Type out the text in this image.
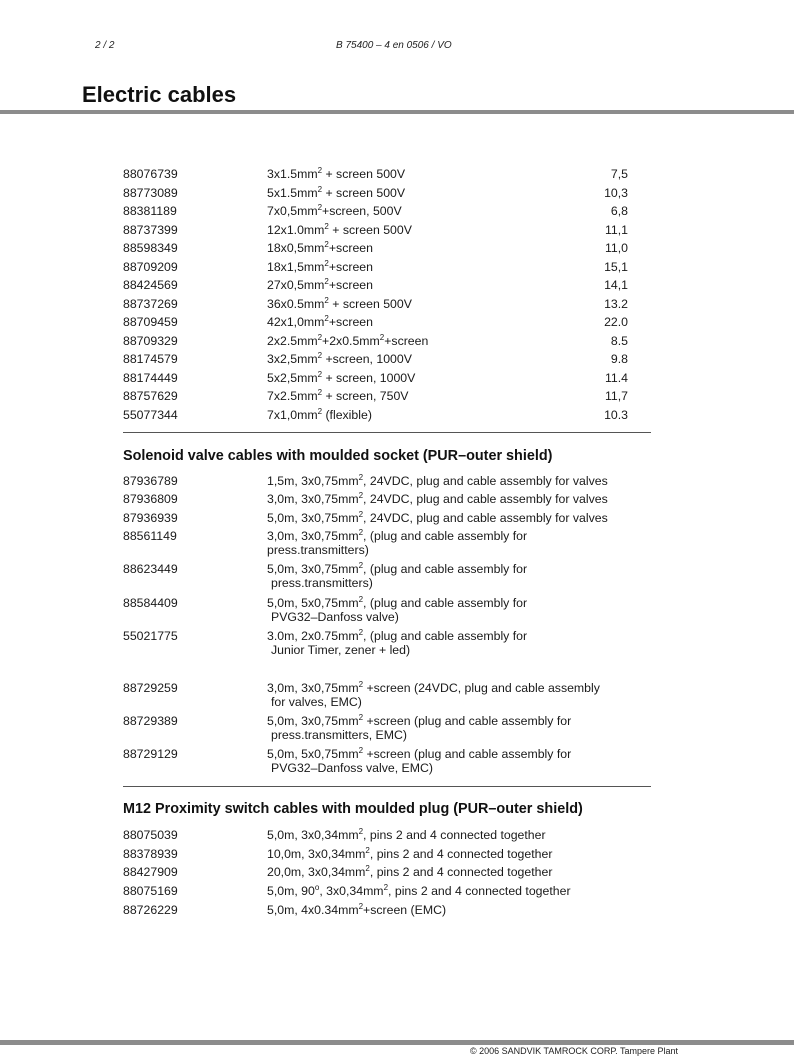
2 / 2	B 75400 – 4 en 0506 / VO
Electric cables
88076739	$3x1.5mm^2$ + screen 500V	7,5
88773089	$5x1.5mm^2$ + screen 500V	10,3
88381189	$7x0,5mm^2+screen$, 500V	6,8
88737399	$12x1.0mm^2$ + screen 500V	11,1
88598349	$18x0,5mm^2+screen$	11,0
88709209	$18x1,5mm^2+screen$	15,1
88424569	$27x0,5mm^2+screen$	14,1
88737269	$36x0.5mm^2$ + screen 500V	13.2
88709459	$42x1,0mm^2+screen$	22.0
88709329	$2x2.5mm^2+2x0.5mm^2+screen$	8.5
88174579	$3x2,5mm^2$ +screen, 1000V	9.8
88174449	$5x2,5mm^2$ + screen, 1000V	11.4
88757629	$7x2.5mm^2$ + screen, 750V	11,7
55077344	$7x1,0mm^2$ (flexible)	10.3
Solenoid valve cables with moulded socket (PUR–outer shield)
87936789	1,5m, $3x0,75mm^2$, 24VDC, plug and cable assembly for valves
87936809	3,0m, $3x0,75mm^2$, 24VDC, plug and cable assembly for valves
87936939	5,0m, $3x0,75mm^2$, 24VDC, plug and cable assembly for valves
88561149	3,0m, $3x0,75mm^2$, (plug and cable assembly for
press.transmitters)
88623449	5,0m, $3x0,75mm^2$, (plug and cable assembly for
press.transmitters)
88584409	5,0m, $5x0,75mm^2$, (plug and cable assembly for
PVG32–Danfoss valve)
55021775	3.0m, $2x0.75mm^2$, (plug and cable assembly for
Junior Timer, zener + led)
88729259	3,0m, $3x0,75mm^2$ +screen (24VDC, plug and cable assembly
for valves, EMC)
88729389	5,0m, $3x0,75mm^2$ +screen (plug and cable assembly for
press.transmitters, EMC)
88729129	5,0m, $5x0,75mm^2$ +screen (plug and cable assembly for
PVG32–Danfoss valve, EMC)
M12 Proximity switch cables with moulded plug (PUR–outer shield)
88075039	5,0m, $3x0,34mm^2$, pins 2 and 4 connected together
88378939	10,0m, $3x0,34mm^2$, pins 2 and 4 connected together
88427909	20,0m, $3x0,34mm^2$, pins 2 and 4 connected together
88075169	5,0m, 90$^o$, $3x0,34mm^2$, pins 2 and 4 connected together
88726229	5,0m, $4x0.34mm^2+screen$ (EMC)
© 2006 SANDVIK TAMROCK CORP. Tampere Plant
